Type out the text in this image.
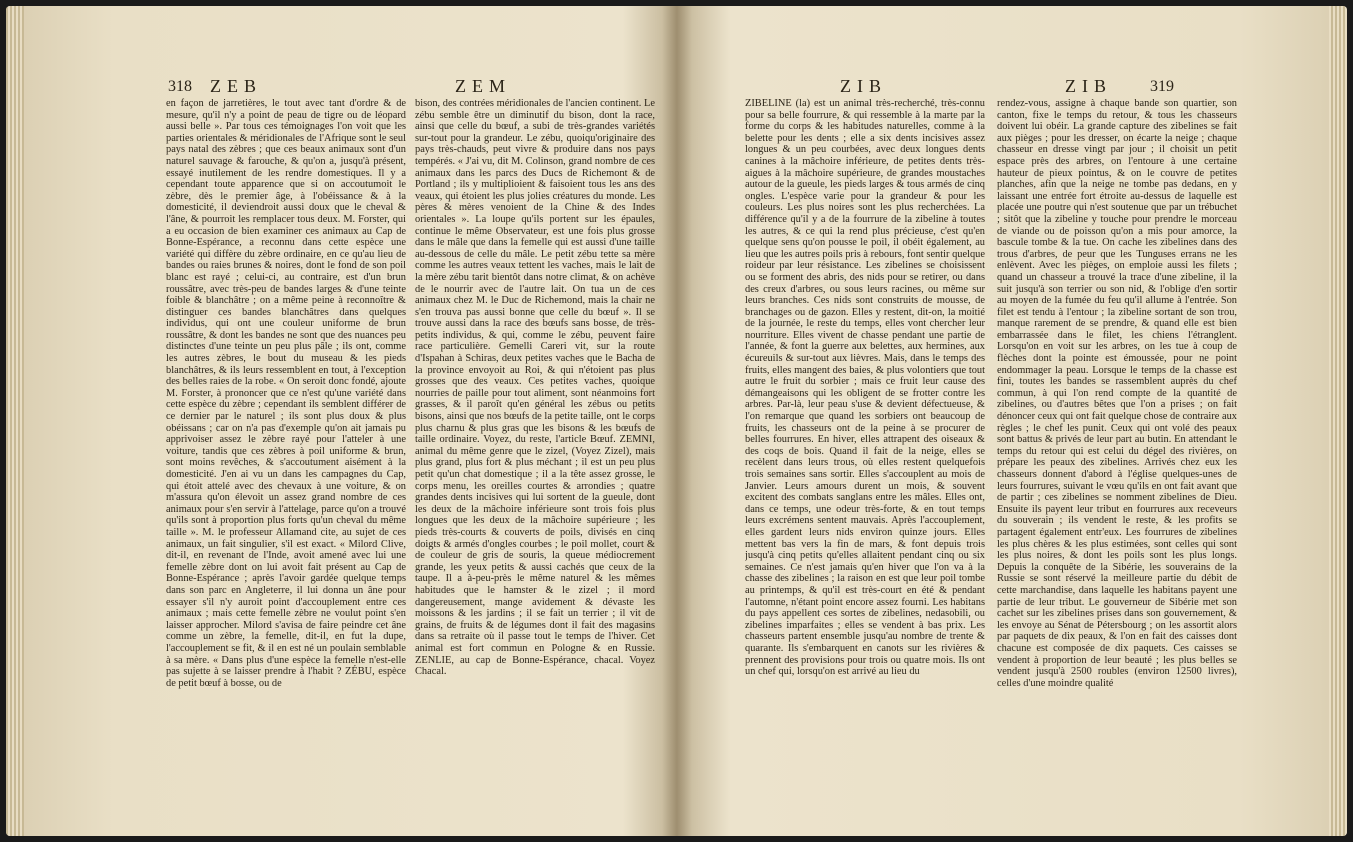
318 ZEB	ZEM

en façon de jarretières, le tout avec tant d'ordre & de mesure, qu'il n'y a point de peau de tigre ou de léopard aussi belle ». Par tous ces témoignages l'on voit que les parties orientales & méridionales de l'Afrique sont le seul pays natal des zèbres ; que ces beaux animaux sont d'un naturel sauvage & farouche, & qu'on a, jusqu'à présent, essayé inutilement de les rendre domestiques. Il y a cependant toute apparence que si on accoutumoit le zèbre, dès le premier âge, à l'obéissance & à la domesticité, il deviendroit aussi doux que le cheval & l'âne, & pourroit les remplacer tous deux. M. Forster, qui a eu occasion de bien examiner ces animaux au Cap de Bonne-Espérance, a reconnu dans cette espèce une variété qui diffère du zèbre ordinaire, en ce qu'au lieu de bandes ou raies brunes & noires, dont le fond de son poil blanc est rayé ; celui-ci, au contraire, est d'un brun roussâtre, avec très-peu de bandes larges & d'une teinte foible & blanchâtre ; on a même peine à reconnoître & distinguer ces bandes blanchâtres dans quelques individus, qui ont une couleur uniforme de brun roussâtre, & dont les bandes ne sont que des nuances peu distinctes d'une teinte un peu plus pâle ; ils ont, comme les autres zèbres, le bout du museau & les pieds blanchâtres, & ils leurs ressemblent en tout, à l'exception des belles raies de la robe. « On seroit donc fondé, ajoute M. Forster, à prononcer que ce n'est qu'une variété dans cette espèce du zèbre ; cependant ils semblent différer de ce dernier par le naturel ; ils sont plus doux & plus obéissans ; car on n'a pas d'exemple qu'on ait jamais pu apprivoiser assez le zèbre rayé pour l'atteler à une voiture, tandis que ces zèbres à poil uniforme & brun, sont moins revêches, & s'accoutument aisément à la domesticité. J'en ai vu un dans les campagnes du Cap, qui étoit attelé avec des chevaux à une voiture, & on m'assura qu'on élevoit un assez grand nombre de ces animaux pour s'en servir à l'attelage, parce qu'on a trouvé qu'ils sont à proportion plus forts qu'un cheval du même taille ». M. le professeur Allamand cite, au sujet de ces animaux, un fait singulier, s'il est exact. « Milord Clive, dit-il, en revenant de l'Inde, avoit amené avec lui une femelle zèbre dont on lui avoit fait présent au Cap de Bonne-Espérance ; après l'avoir gardée quelque temps dans son parc en Angleterre, il lui donna un âne pour essayer s'il n'y auroit point d'accouplement entre ces animaux ; mais cette femelle zèbre ne voulut point s'en laisser approcher. Milord s'avisa de faire peindre cet âne comme un zèbre, la femelle, dit-il, en fut la dupe, l'accouplement se fit, & il en est né un poulain semblable à sa mère. « Dans plus d'une espèce la femelle n'est-elle pas sujette à se laisser prendre à l'habit ? ZÉBU, espèce de petit bœuf à bosse, ou de

bison, des contrées méridionales de l'ancien continent. Le zébu semble être un diminutif du bison, dont la race, ainsi que celle du bœuf, a subi de très-grandes variétés sur-tout pour la grandeur. Le zébu, quoiqu'originaire des pays très-chauds, peut vivre & produire dans nos pays tempérés. « J'ai vu, dit M. Colinson, grand nombre de ces animaux dans les parcs des Ducs de Richemont & de Portland ; ils y multiplioient & faisoient tous les ans des veaux, qui étoient les plus jolies créatures du monde. Les pères & mères venoient de la Chine & des Indes orientales ». La loupe qu'ils portent sur les épaules, continue le même Observateur, est une fois plus grosse dans le mâle que dans la femelle qui est aussi d'une taille au-dessous de celle du mâle. Le petit zébu tette sa mère comme les autres veaux tettent les vaches, mais le lait de la mère zébu tarit bientôt dans notre climat, & on achève de le nourrir avec de l'autre lait. On tua un de ces animaux chez M. le Duc de Richemond, mais la chair ne s'en trouva pas aussi bonne que celle du bœuf ». Il se trouve aussi dans la race des bœufs sans bosse, de très-petits individus, & qui, comme le zébu, peuvent faire race particulière. Gemelli Careri vit, sur la route d'Ispahan à Schiras, deux petites vaches que le Bacha de la province envoyoit au Roi, & qui n'étoient pas plus grosses que des veaux. Ces petites vaches, quoique nourries de paille pour tout aliment, sont néanmoins fort grasses, & il paroît qu'en général les zébus ou petits bisons, ainsi que nos bœufs de la petite taille, ont le corps plus charnu & plus gras que les bisons & les bœufs de taille ordinaire. Voyez, du reste, l'article Bœuf. ZEMNI, animal du même genre que le zizel, (Voyez Zizel), mais plus grand, plus fort & plus méchant ; il est un peu plus petit qu'un chat domestique ; il a la tête assez grosse, le corps menu, les oreilles courtes & arrondies ; quatre grandes dents incisives qui lui sortent de la gueule, dont les deux de la mâchoire inférieure sont trois fois plus longues que les deux de la mâchoire supérieure ; les pieds très-courts & couverts de poils, divisés en cinq doigts & armés d'ongles courbes ; le poil mollet, court & de couleur de gris de souris, la queue médiocrement grande, les yeux petits & aussi cachés que ceux de la taupe. Il a à-peu-près le même naturel & les mêmes habitudes que le hamster & le zizel ; il mord dangereusement, mange avidement & dévaste les moissons & les jardins ; il se fait un terrier ; il vit de grains, de fruits & de légumes dont il fait des magasins dans sa retraite où il passe tout le temps de l'hiver. Cet animal est fort commun en Pologne & en Russie. ZENLIE, au cap de Bonne-Espérance, chacal. Voyez Chacal.

ZIB	ZIB 319

ZIBELINE (la) est un animal très-recherché, très-connu pour sa belle fourrure, & qui ressemble à la marte par la forme du corps & les habitudes naturelles, comme à la belette pour les dents ; elle a six dents incisives assez longues & un peu courbées, avec deux longues dents canines à la mâchoire inférieure, de petites dents très-aigues à la mâchoire supérieure, de grandes moustaches autour de la gueule, les pieds larges & tous armés de cinq ongles. L'espèce varie pour la grandeur & pour les couleurs. Les plus noires sont les plus recherchées. La différence qu'il y a de la fourrure de la zibeline à toutes les autres, & ce qui la rend plus précieuse, c'est qu'en quelque sens qu'on pousse le poil, il obéit également, au lieu que les autres poils pris à rebours, font sentir quelque roideur par leur résistance. Les zibelines se choisissent ou se forment des abris, des nids pour se retirer, ou dans des creux d'arbres, ou sous leurs racines, ou même sur leurs branches. Ces nids sont construits de mousse, de branchages ou de gazon. Elles y restent, dit-on, la moitié de la journée, le reste du temps, elles vont chercher leur nourriture. Elles vivent de chasse pendant une partie de l'année, & font la guerre aux belettes, aux hermines, aux écureuils & sur-tout aux lièvres. Mais, dans le temps des fruits, elles mangent des baies, & plus volontiers que tout autre le fruit du sorbier ; mais ce fruit leur cause des démangeaisons qui les obligent de se frotter contre les arbres. Par-là, leur peau s'use & devient défectueuse, & l'on remarque que quand les sorbiers ont beaucoup de fruits, les chasseurs ont de la peine à se procurer de belles fourrures. En hiver, elles attrapent des oiseaux & des coqs de bois. Quand il fait de la neige, elles se recèlent dans leurs trous, où elles restent quelquefois trois semaines sans sortir. Elles s'accouplent au mois de Janvier. Leurs amours durent un mois, & souvent excitent des combats sanglans entre les mâles. Elles ont, dans ce temps, une odeur très-forte, & en tout temps leurs excrémens sentent mauvais. Après l'accouplement, elles gardent leurs nids environ quinze jours. Elles mettent bas vers la fin de mars, & font depuis trois jusqu'à cinq petits qu'elles allaitent pendant cinq ou six semaines. Ce n'est jamais qu'en hiver que l'on va à la chasse des zibelines ; la raison en est que leur poil tombe au printemps, & qu'il est très-court en été & pendant l'automne, n'étant point encore assez fourni. Les habitans du pays appellent ces sortes de zibelines, nedasobili, ou zibelines imparfaites ; elles se vendent à bas prix. Les chasseurs partent ensemble jusqu'au nombre de trente & quarante. Ils s'embarquent en canots sur les rivières & prennent des provisions pour trois ou quatre mois. Ils ont un chef qui, lorsqu'on est arrivé au lieu du

rendez-vous, assigne à chaque bande son quartier, son canton, fixe le temps du retour, & tous les chasseurs doivent lui obéir. La grande capture des zibelines se fait aux pièges ; pour les dresser, on écarte la neige ; chaque chasseur en dresse vingt par jour ; il choisit un petit espace près des arbres, on l'entoure à une certaine hauteur de pieux pointus, & on le couvre de petites planches, afin que la neige ne tombe pas dedans, en y laissant une entrée fort étroite au-dessus de laquelle est placée une poutre qui n'est soutenue que par un trébuchet ; sitôt que la zibeline y touche pour prendre le morceau de viande ou de poisson qu'on a mis pour amorce, la bascule tombe & la tue. On cache les zibelines dans des trous d'arbres, de peur que les Tunguses errans ne les enlèvent. Avec les pièges, on emploie aussi les filets ; quand un chasseur a trouvé la trace d'une zibeline, il la suit jusqu'à son terrier ou son nid, & l'oblige d'en sortir au moyen de la fumée du feu qu'il allume à l'entrée. Son filet est tendu à l'entour ; la zibeline sortant de son trou, manque rarement de se prendre, & quand elle est bien embarrassée dans le filet, les chiens l'étranglent. Lorsqu'on en voit sur les arbres, on les tue à coup de flèches dont la pointe est émoussée, pour ne point endommager la peau. Lorsque le temps de la chasse est fini, toutes les bandes se rassemblent auprès du chef commun, à qui l'on rend compte de la quantité de zibelines, ou d'autres bêtes que l'on a prises ; on fait dénoncer ceux qui ont fait quelque chose de contraire aux règles ; le chef les punit. Ceux qui ont volé des peaux sont battus & privés de leur part au butin. En attendant le temps du retour qui est celui du dégel des rivières, on prépare les peaux des zibelines. Arrivés chez eux les chasseurs donnent d'abord à l'église quelques-unes de leurs fourrures, suivant le vœu qu'ils en ont fait avant que de partir ; ces zibelines se nomment zibelines de Dieu. Ensuite ils payent leur tribut en fourrures aux receveurs du souverain ; ils vendent le reste, & les profits se partagent également entr'eux. Les fourrures de zibelines les plus chères & les plus estimées, sont celles qui sont les plus noires, & dont les poils sont les plus longs. Depuis la conquête de la Sibérie, les souverains de la Russie se sont réservé la meilleure partie du débit de cette marchandise, dans laquelle les habitans payent une partie de leur tribut. Le gouverneur de Sibérie met son cachet sur les zibelines prises dans son gouvernement, & les envoye au Sénat de Pétersbourg ; on les assortit alors par paquets de dix peaux, & l'on en fait des caisses dont chacune est composée de dix paquets. Ces caisses se vendent à proportion de leur beauté ; les plus belles se vendent jusqu'à 2500 roubles (environ 12500 livres), celles d'une moindre qualité
